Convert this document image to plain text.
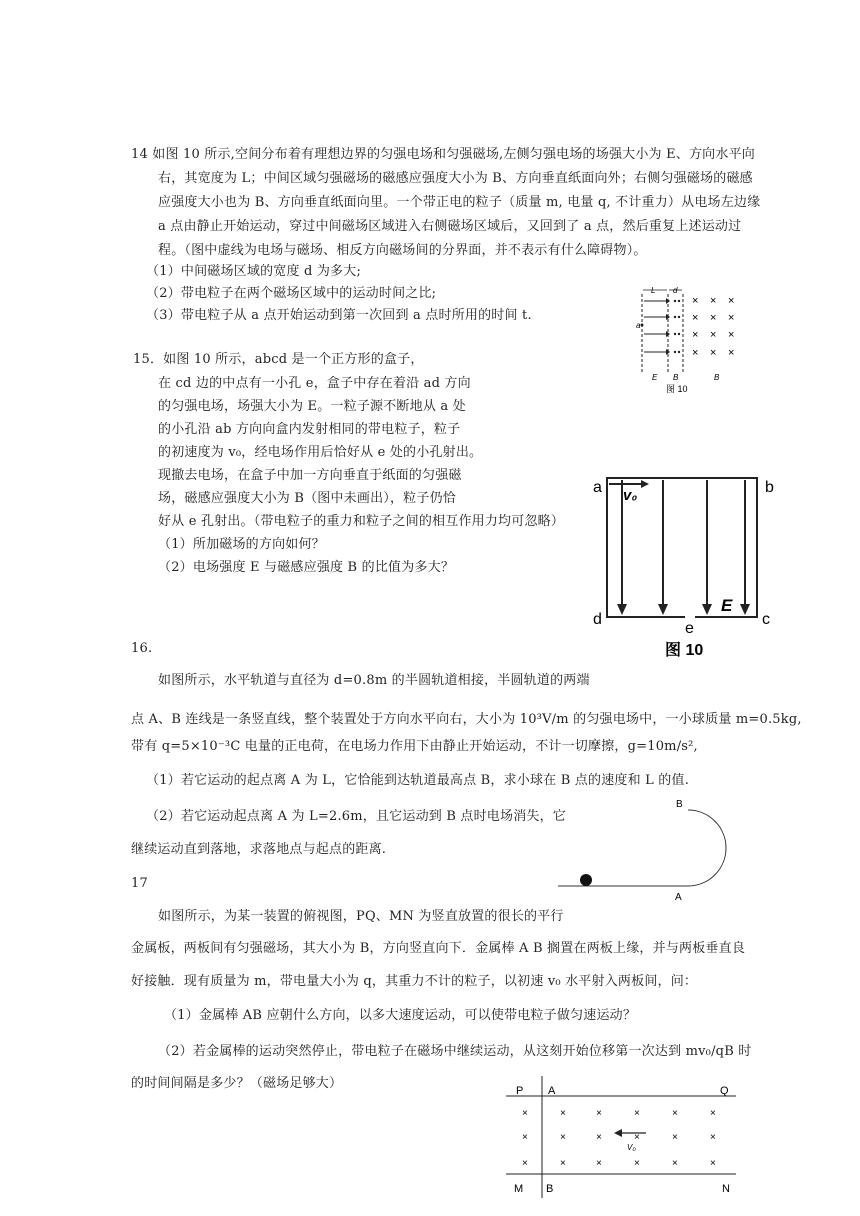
14 如图 10 所示,空间分布着有理想边界的匀强电场和匀强磁场,左侧匀强电场的场强大小为 E、方向水平向
右，其宽度为 L；中间区域匀强磁场的磁感应强度大小为 B、方向垂直纸面向外；右侧匀强磁场的磁感
应强度大小也为 B、方向垂直纸面向里。一个带正电的粒子（质量 m, 电量 q, 不计重力）从电场左边缘
a 点由静止开始运动，穿过中间磁场区域进入右侧磁场区域后，又回到了 a 点，然后重复上述运动过
程。（图中虚线为电场与磁场、相反方向磁场间的分界面，并不表示有什么障碍物）。
（1）中间磁场区域的宽度 d 为多大;
（2）带电粒子在两个磁场区域中的运动时间之比;
（3）带电粒子从 a 点开始运动到第一次回到 a 点时所用的时间 t.
L d
× × ×
× × ×
× × ×
× × ×
a
E B	B
图 10
15．如图 10 所示，abcd 是一个正方形的盒子，
在 cd 边的中点有一小孔 e，盒子中存在着沿 ad 方向
的匀强电场，场强大小为 E。一粒子源不断地从 a 处
的小孔沿 ab 方向向盒内发射相同的带电粒子，粒子
的初速度为 v₀，经电场作用后恰好从 e 处的小孔射出。
现撤去电场，在盒子中加一方向垂直于纸面的匀强磁
场，磁感应强度大小为 B（图中未画出），粒子仍恰
好从 e 孔射出。（带电粒子的重力和粒子之间的相互作用力均可忽略）
（1）所加磁场的方向如何？
（2）电场强度 E 与磁感应强度 B 的比值为多大？
v₀
E
a	b
d	c
e
图 10
16.
如图所示，水平轨道与直径为 d=0.8m 的半圆轨道相接，半圆轨道的两端
点 A、B 连线是一条竖直线，整个装置处于方向水平向右，大小为 10³V/m 的匀强电场中，一小球质量 m=0.5kg,
带有 q=5×10⁻³C 电量的正电荷，在电场力作用下由静止开始运动，不计一切摩擦，g=10m/s²,
（1）若它运动的起点离 A 为 L，它恰能到达轨道最高点 B，求小球在 B 点的速度和 L 的值.
（2）若它运动起点离 A 为 L=2.6m，且它运动到 B 点时电场消失，它
继续运动直到落地，求落地点与起点的距离.
B
A
17
如图所示，为某一装置的俯视图，PQ、MN 为竖直放置的很长的平行
金属板，两板间有匀强磁场，其大小为 B，方向竖直向下．金属棒 A B 搁置在两板上缘，并与两板垂直良
好接触．现有质量为 m，带电量大小为 q，其重力不计的粒子，以初速 v₀ 水平射入两板间，问：
（1）金属棒 AB 应朝什么方向，以多大速度运动，可以使带电粒子做匀速运动？
（2）若金属棒的运动突然停止，带电粒子在磁场中继续运动，从这刻开始位移第一次达到 mv₀/qB 时
的时间间隔是多少？（磁场足够大）	P A	Q
M B	N
×	×	×	×	×	×
×	×	×	×	×	×
×	×	×	×	×	×
V₀
